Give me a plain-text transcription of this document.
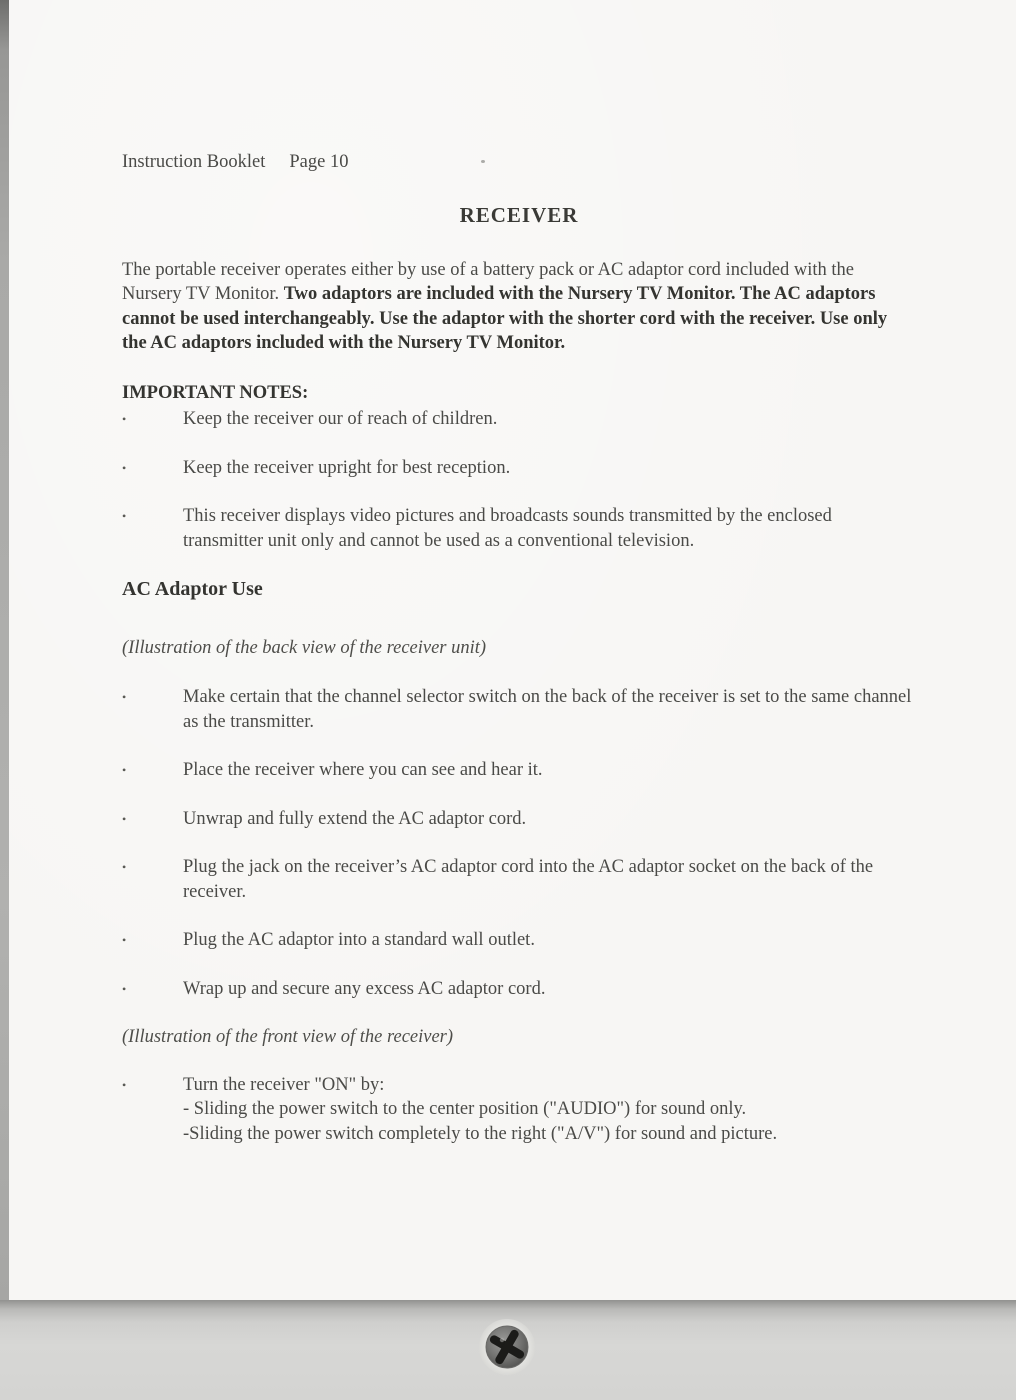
Instruction Booklet Page 10
RECEIVER

The portable receiver operates either by use of a battery pack or AC adaptor cord included with the Nursery TV Monitor. Two adaptors are included with the Nursery TV Monitor. The AC adaptors cannot be used interchangeably. Use the adaptor with the shorter cord with the receiver. Use only the AC adaptors included with the Nursery TV Monitor.

IMPORTANT NOTES:
•	Keep the receiver our of reach of children.
•	Keep the receiver upright for best reception.
•	This receiver displays video pictures and broadcasts sounds transmitted by the enclosed transmitter unit only and cannot be used as a conventional television.
AC Adaptor Use

(Illustration of the back view of the receiver unit)

•	Make certain that the channel selector switch on the back of the receiver is set to the same channel as the transmitter.
•	Place the receiver where you can see and hear it.
•	Unwrap and fully extend the AC adaptor cord.
•	Plug the jack on the receiver’s AC adaptor cord into the AC adaptor socket on the back of the receiver.
•	Plug the AC adaptor into a standard wall outlet.
•	Wrap up and secure any excess AC adaptor cord.

(Illustration of the front view of the receiver)

•	Turn the receiver "ON" by:
- Sliding the power switch to the center position ("AUDIO") for sound only.
-Sliding the power switch completely to the right ("A/V") for sound and picture.
